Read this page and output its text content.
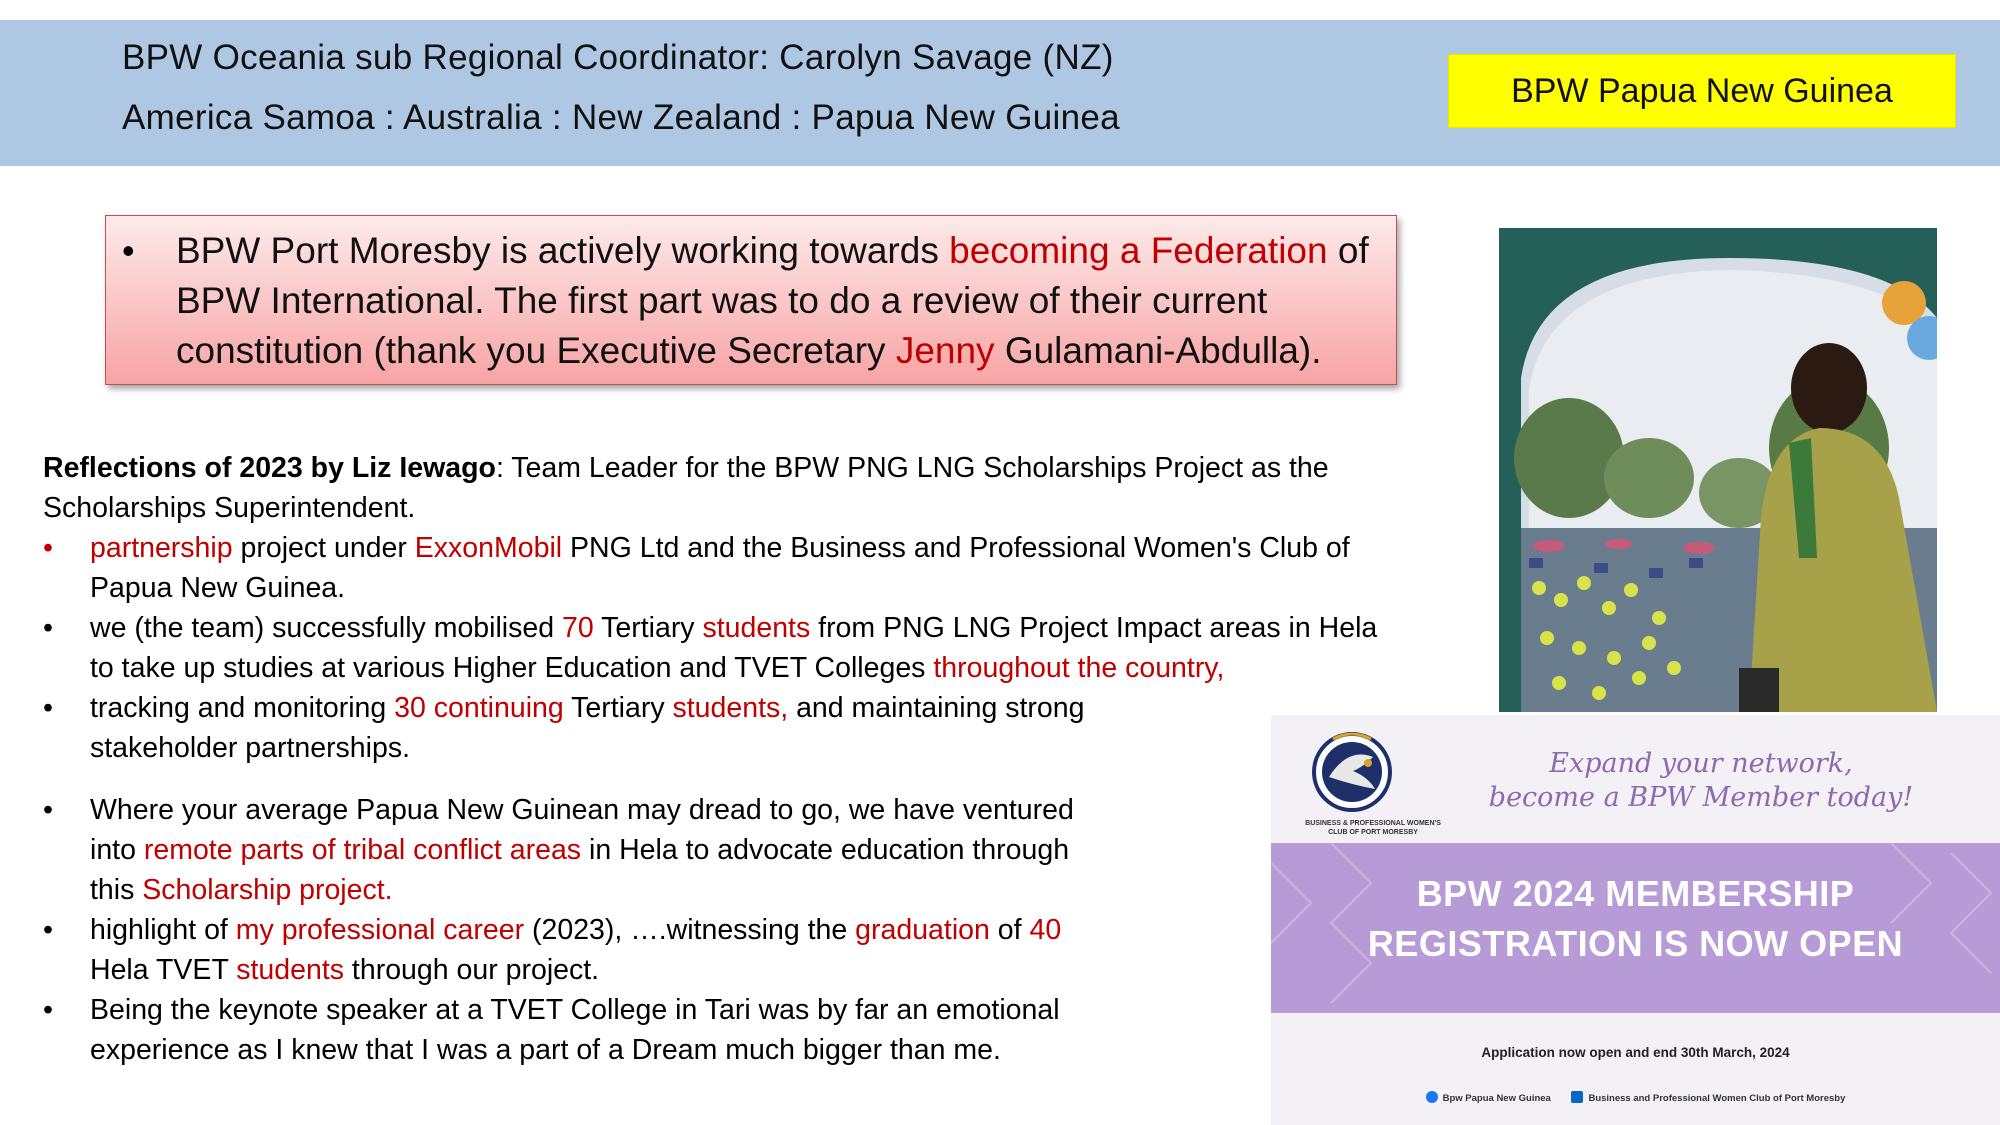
BPW Oceania sub Regional Coordinator: Carolyn Savage (NZ)
America Samoa : Australia : New Zealand : Papua New Guinea
BPW Papua New Guinea
• BPW Port Moresby is actively working towards becoming a Federation of BPW International. The first part was to do a review of their current constitution (thank you Executive Secretary Jenny Gulamani-Abdulla).

Reflections of 2023 by Liz Iewago: Team Leader for the BPW PNG LNG Scholarships Project as the Scholarships Superintendent.

• partnership project under ExxonMobil PNG Ltd and the Business and Professional Women's Club of Papua New Guinea.
• we (the team) successfully mobilised 70 Tertiary students from PNG LNG Project Impact areas in Hela to take up studies at various Higher Education and TVET Colleges throughout the country,
• tracking and monitoring 30 continuing Tertiary students, and maintaining strong stakeholder partnerships.
• Where your average Papua New Guinean may dread to go, we have ventured into remote parts of tribal conflict areas in Hela to advocate education through this Scholarship project.
• highlight of my professional career (2023), ….witnessing the graduation of 40 Hela TVET students through our project.
• Being the keynote speaker at a TVET College in Tari was by far an emotional experience as I knew that I was a part of a Dream much bigger than me.
BUSINESS & PROFESSIONAL WOMEN'S CLUB OF PORT MORESBY
Expand your network,
become a BPW Member today!
BPW 2024 MEMBERSHIP
REGISTRATION IS NOW OPEN
Application now open and end 30th March, 2024
Bpw Papua New Guinea	Business and Professional Women Club of Port Moresby
